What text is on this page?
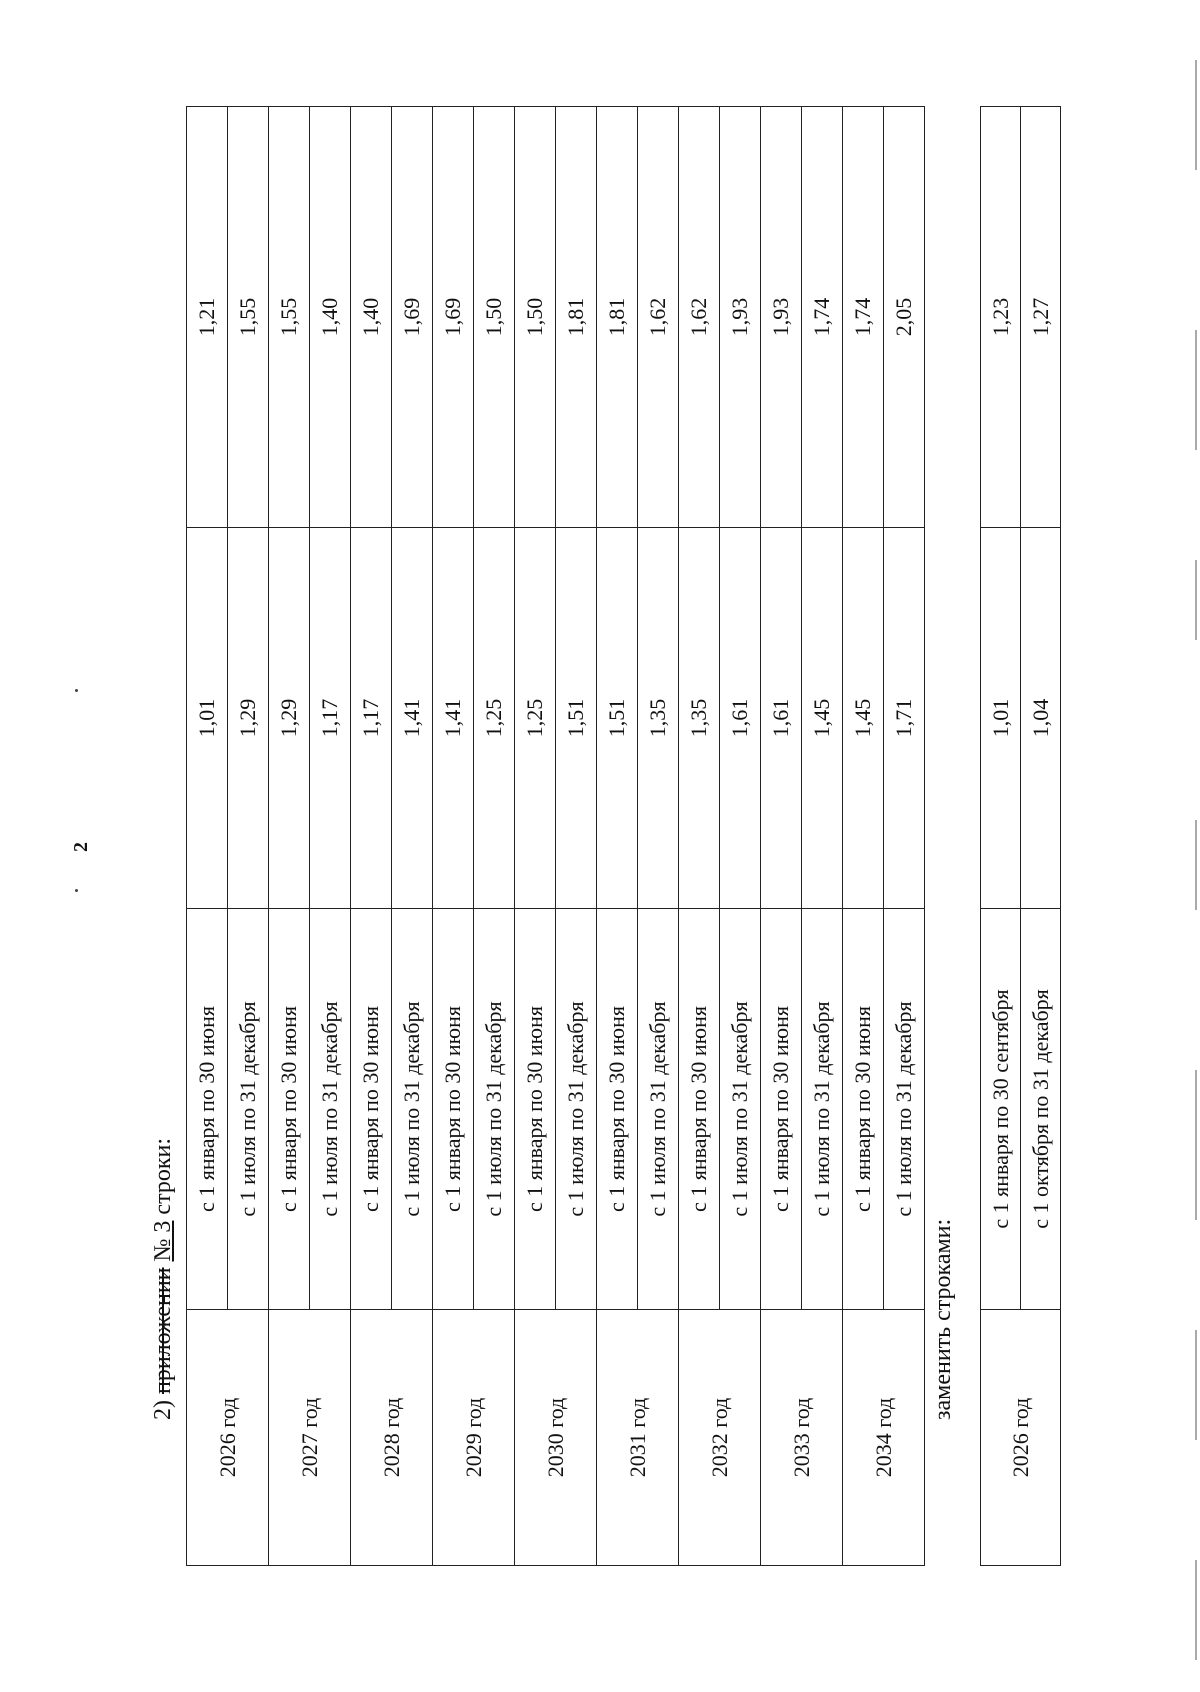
2
2) приложении № 3 строки:
2026 год	с 1 января по 30 июня	1,01	1,21
	с 1 июля по 31 декабря	1,29	1,55
2027 год	с 1 января по 30 июня	1,29	1,55
	с 1 июля по 31 декабря	1,17	1,40
2028 год	с 1 января по 30 июня	1,17	1,40
	с 1 июля по 31 декабря	1,41	1,69
2029 год	с 1 января по 30 июня	1,41	1,69
	с 1 июля по 31 декабря	1,25	1,50
2030 год	с 1 января по 30 июня	1,25	1,50
	с 1 июля по 31 декабря	1,51	1,81
2031 год	с 1 января по 30 июня	1,51	1,81
	с 1 июля по 31 декабря	1,35	1,62
2032 год	с 1 января по 30 июня	1,35	1,62
	с 1 июля по 31 декабря	1,61	1,93
2033 год	с 1 января по 30 июня	1,61	1,93
	с 1 июля по 31 декабря	1,45	1,74
2034 год	с 1 января по 30 июня	1,45	1,74
	с 1 июля по 31 декабря	1,71	2,05
заменить строками:
2026 год	с 1 января по 30 сентября	1,01	1,23
	с 1 октября по 31 декабря	1,04	1,27
